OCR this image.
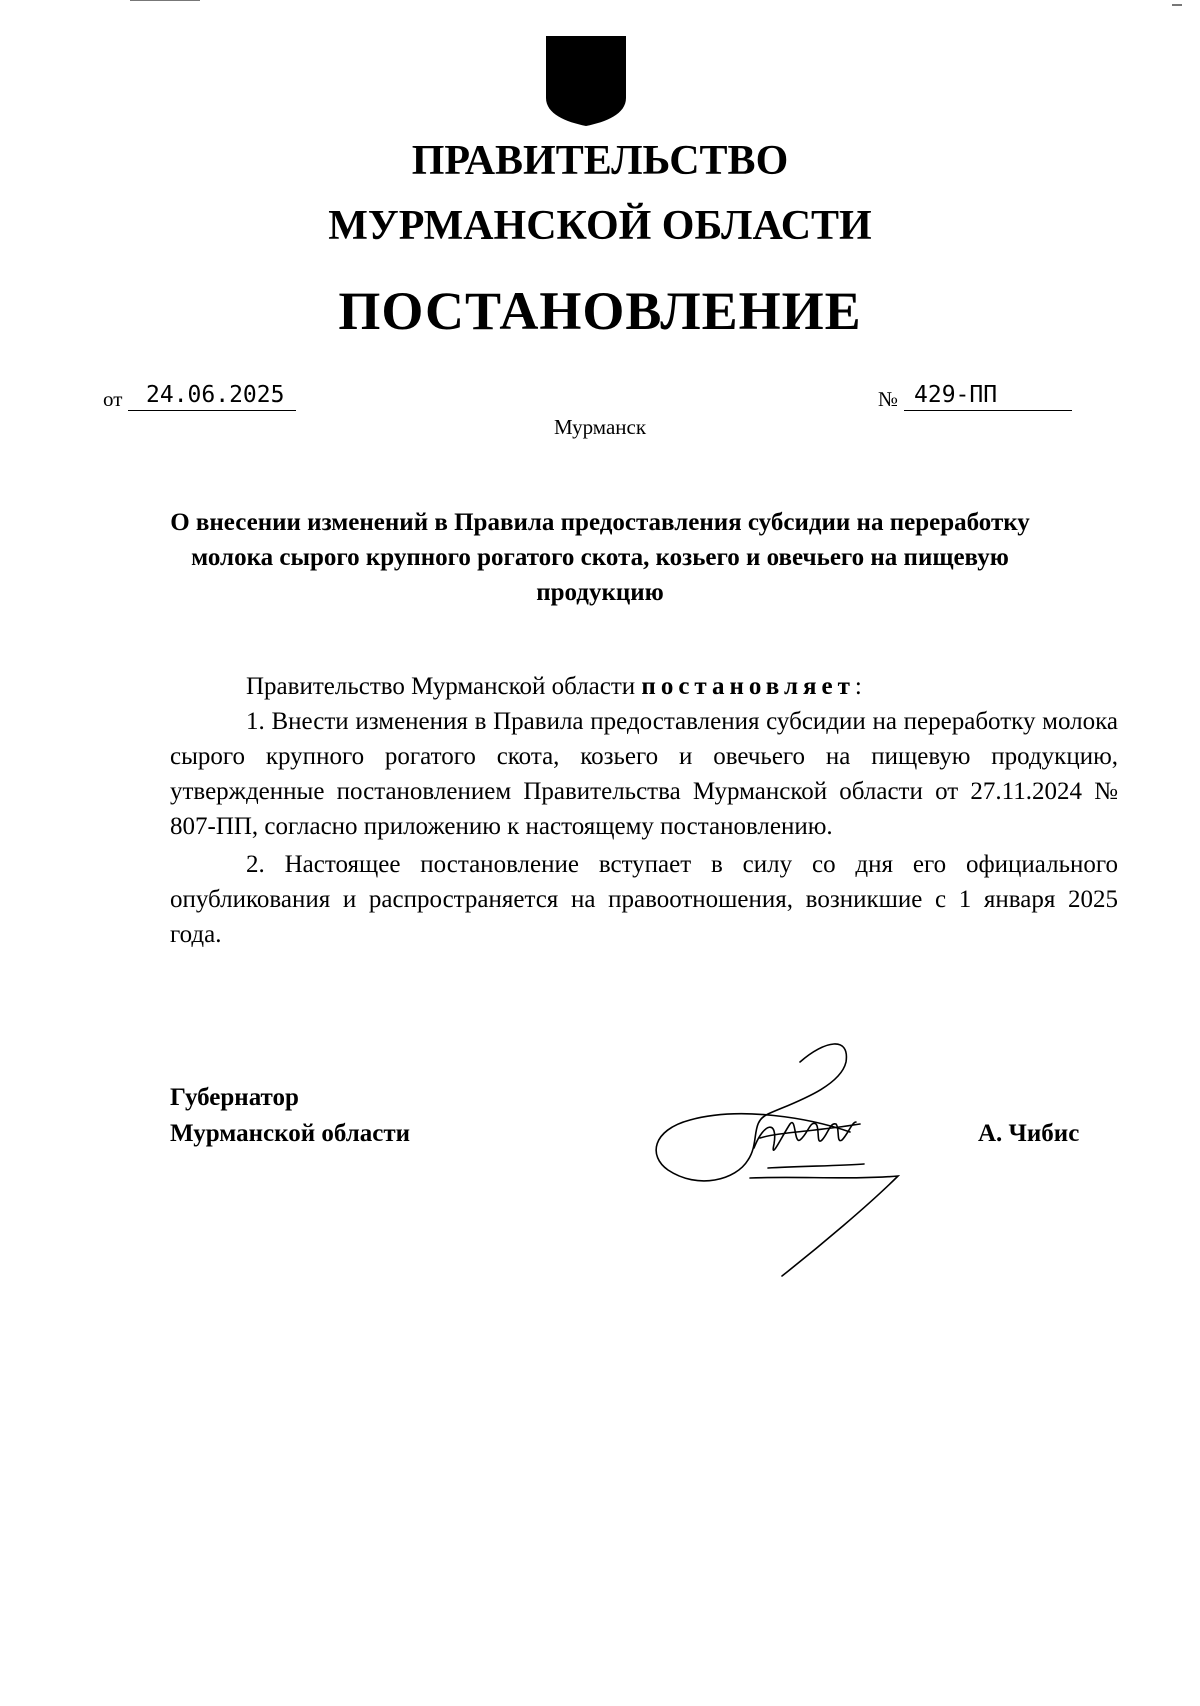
ПРАВИТЕЛЬСТВО
МУРМАНСКОЙ ОБЛАСТИ
ПОСТАНОВЛЕНИЕ
от	24.06.2025	№ 429-ПП
Мурманск
О внесении изменений в Правила предоставления субсидии на переработку молока сырого крупного рогатого скота, козьего и овечьего на пищевую продукцию

Правительство Мурманской области постановляет:

1. Внести изменения в Правила предоставления субсидии на переработку молока сырого крупного рогатого скота, козьего и овечьего на пищевую продукцию, утвержденные постановлением Правительства Мурманской области от 27.11.2024 № 807-ПП, согласно приложению к настоящему постановлению.

2. Настоящее постановление вступает в силу со дня его официального опубликования и распространяется на правоотношения, возникшие с 1 января 2025 года.

Губернатор
Мурманской области	А. Чибис
